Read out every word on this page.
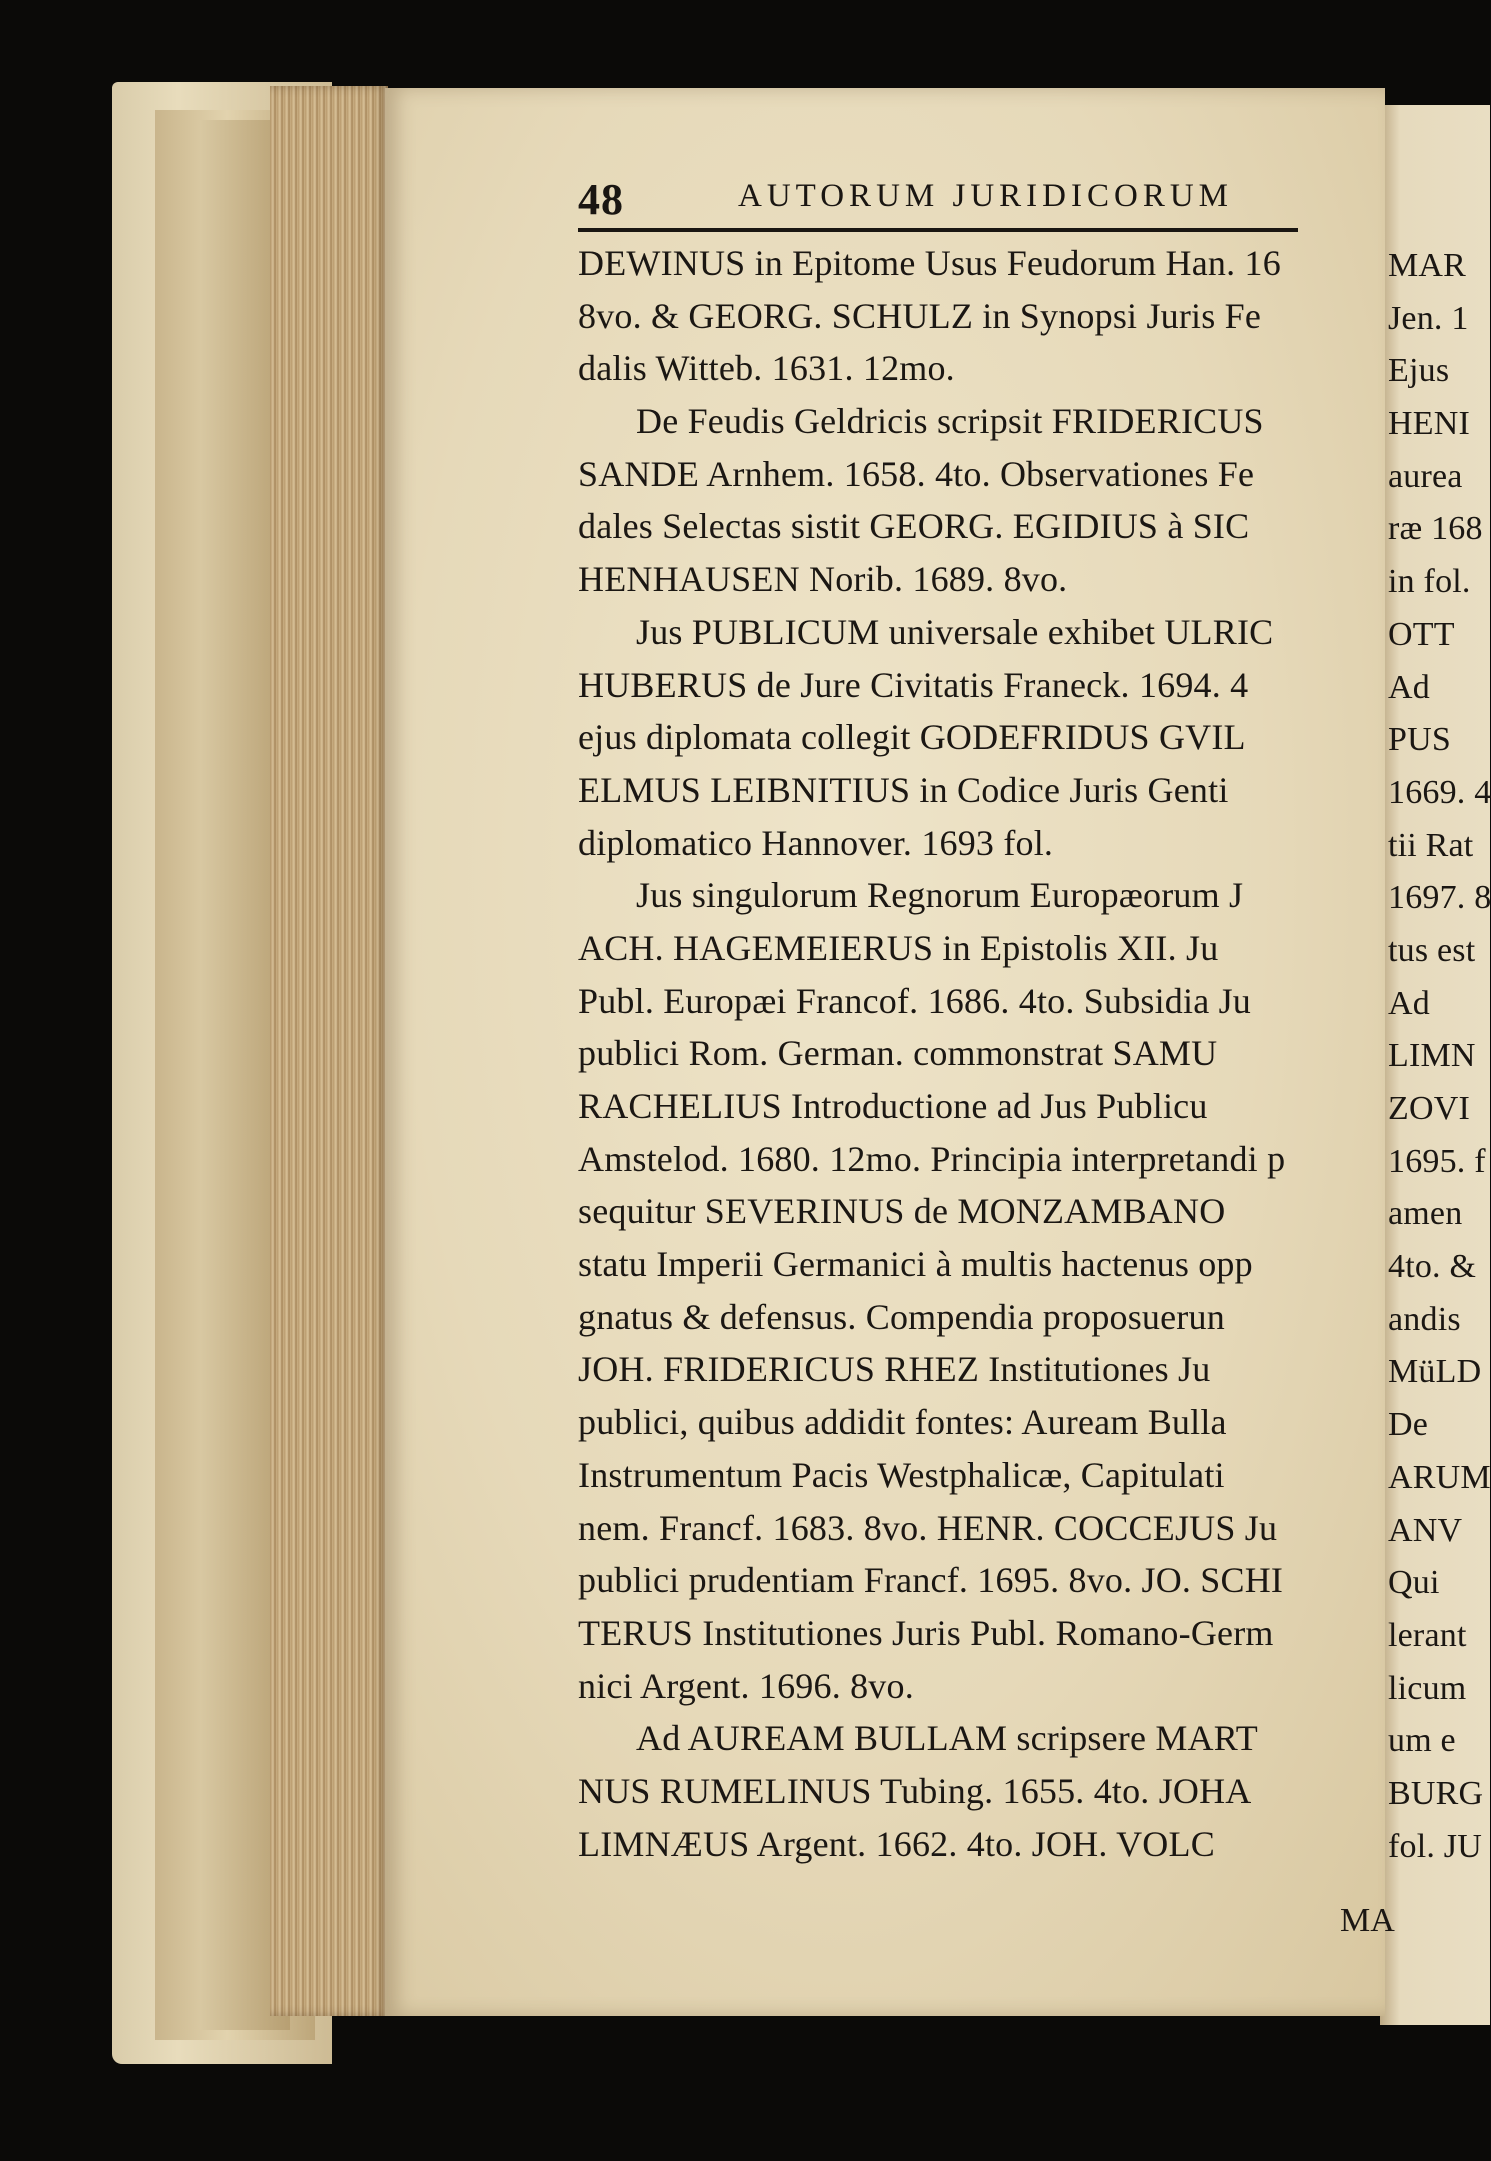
48	AUTORUM JURIDICORUM
DEWINUS in Epitome Usus Feudorum Han. 16
8vo. & GEORG. SCHULZ in Synopsi Juris Fe
dalis Witteb. 1631. 12mo.
De Feudis Geldricis scripsit FRIDERICUS
SANDE Arnhem. 1658. 4to. Observationes Fe
dales Selectas sistit GEORG. EGIDIUS à SIC
HENHAUSEN Norib. 1689. 8vo.
Jus PUBLICUM universale exhibet ULRIC
HUBERUS de Jure Civitatis Franeck. 1694. 4
ejus diplomata collegit GODEFRIDUS GVIL
ELMUS LEIBNITIUS in Codice Juris Genti
diplomatico Hannover. 1693 fol.
Jus singulorum Regnorum Europæorum J
ACH. HAGEMEIERUS in Epistolis XII. Ju
Publ. Europæi Francof. 1686. 4to. Subsidia Ju
publici Rom. German. commonstrat SAMU
RACHELIUS Introductione ad Jus Publicu
Amstelod. 1680. 12mo. Principia interpretandi p
sequitur SEVERINUS de MONZAMBANO
statu Imperii Germanici à multis hactenus opp
gnatus & defensus. Compendia proposuerun
JOH. FRIDERICUS RHEZ Institutiones Ju
publici, quibus addidit fontes: Auream Bulla
Instrumentum Pacis Westphalicæ, Capitulati
nem. Francf. 1683. 8vo. HENR. COCCEJUS Ju
publici prudentiam Francf. 1695. 8vo. JO. SCHI
TERUS Institutiones Juris Publ. Romano-Germ
nici Argent. 1696. 8vo.
Ad AUREAM BULLAM scripsere MART
NUS RUMELINUS Tubing. 1655. 4to. JOHA
LIMNÆUS Argent. 1662. 4to. JOH. VOLC
MA
MAR
Jen. 1
Ejus
HENI
aurea
ræ 168
in fol.
OTT
Ad
PUS
1669. 4
tii Rat
1697. 8
tus est
Ad
LIMN
ZOVI
1695. f
amen
4to. &
andis
MüLD
De
ARUM
ANV
Qui
lerant
licum
um e
BURG
fol. JU
